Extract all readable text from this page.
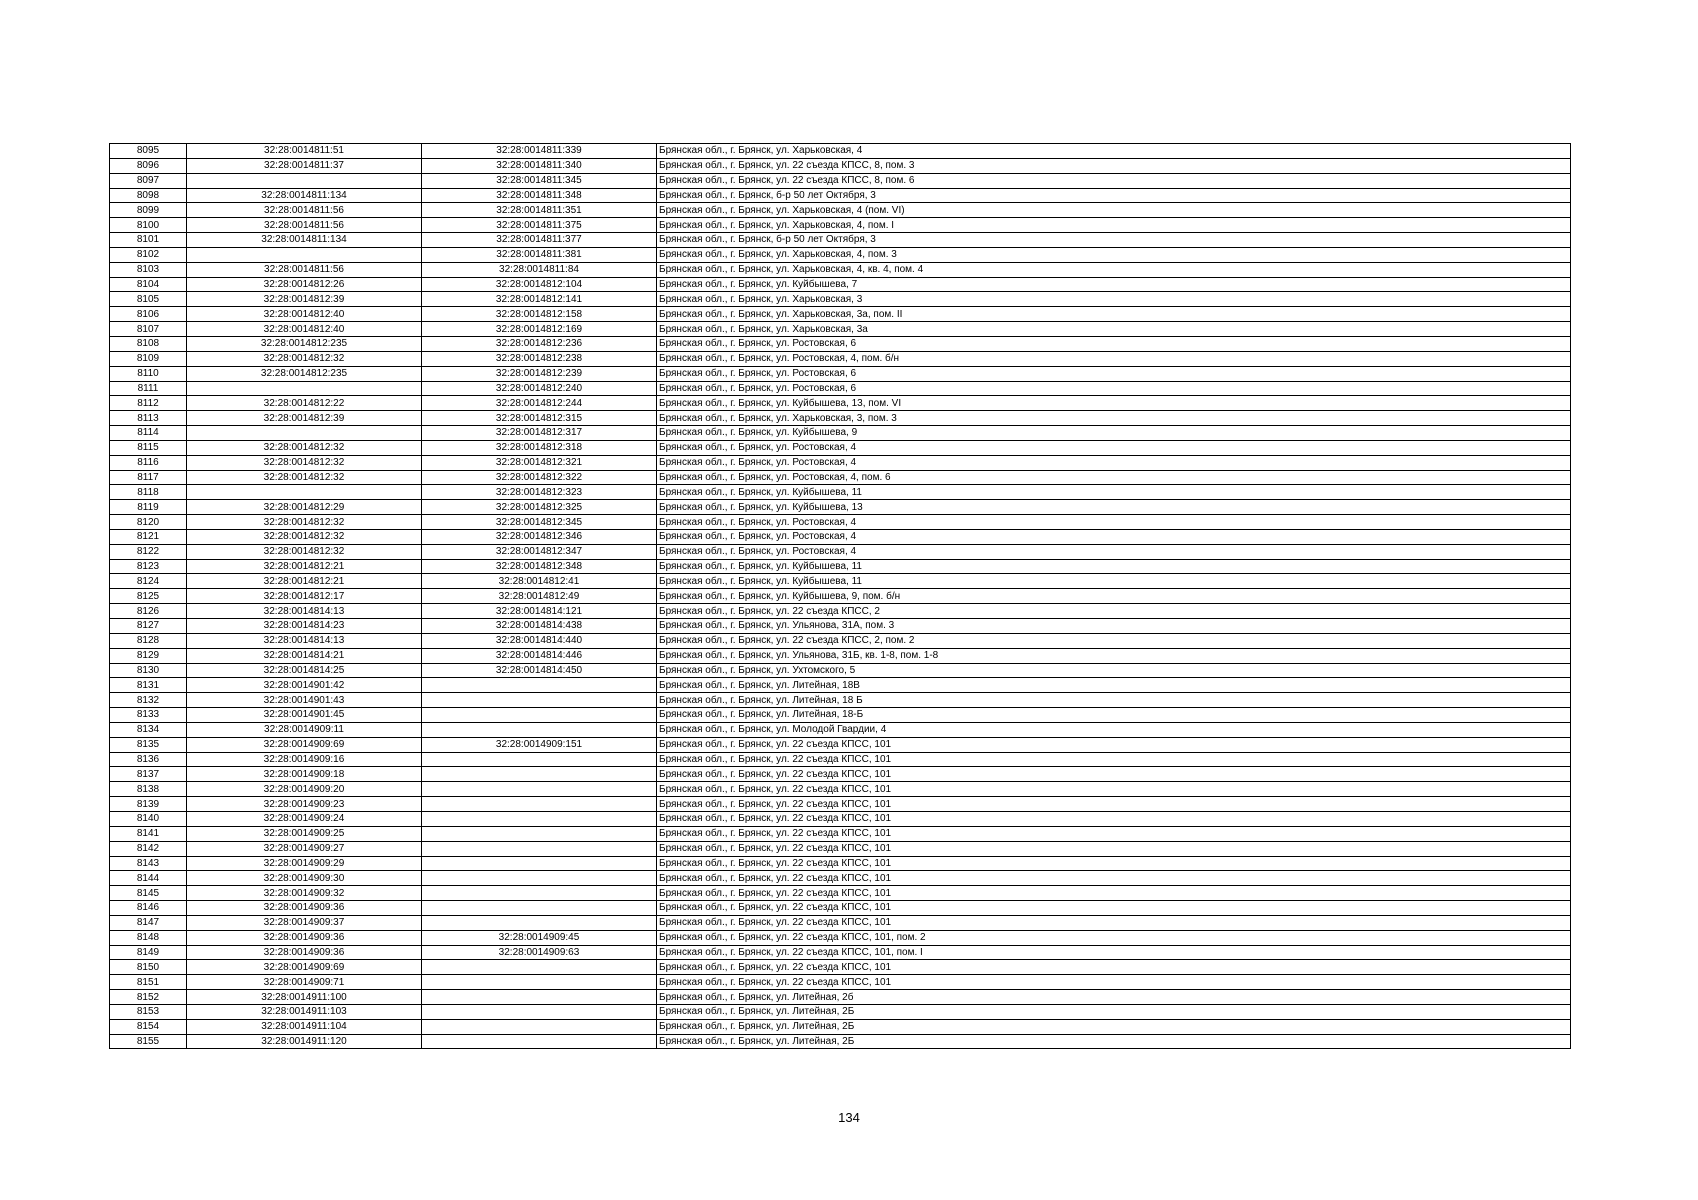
8095	32:28:0014811:51	32:28:0014811:339	Брянская обл., г. Брянск, ул. Харьковская, 4
8096	32:28:0014811:37	32:28:0014811:340	Брянская обл., г. Брянск, ул. 22 съезда КПСС, 8, пом. 3
8097		32:28:0014811:345	Брянская обл., г. Брянск, ул. 22 съезда КПСС, 8, пом. 6
8098	32:28:0014811:134	32:28:0014811:348	Брянская обл., г. Брянск, б-р 50 лет Октября, 3
8099	32:28:0014811:56	32:28:0014811:351	Брянская обл., г. Брянск, ул. Харьковская, 4 (пом. VI)
8100	32:28:0014811:56	32:28:0014811:375	Брянская обл., г. Брянск, ул. Харьковская, 4, пом. I
8101	32:28:0014811:134	32:28:0014811:377	Брянская обл., г. Брянск, б-р 50 лет Октября, 3
8102		32:28:0014811:381	Брянская обл., г. Брянск, ул. Харьковская, 4, пом. 3
8103	32:28:0014811:56	32:28:0014811:84	Брянская обл., г. Брянск, ул. Харьковская, 4, кв. 4, пом. 4
8104	32:28:0014812:26	32:28:0014812:104	Брянская обл., г. Брянск, ул. Куйбышева, 7
8105	32:28:0014812:39	32:28:0014812:141	Брянская обл., г. Брянск, ул. Харьковская, 3
8106	32:28:0014812:40	32:28:0014812:158	Брянская обл., г. Брянск, ул. Харьковская, 3а, пом. II
8107	32:28:0014812:40	32:28:0014812:169	Брянская обл., г. Брянск, ул. Харьковская, 3а
8108	32:28:0014812:235	32:28:0014812:236	Брянская обл., г. Брянск, ул. Ростовская, 6
8109	32:28:0014812:32	32:28:0014812:238	Брянская обл., г. Брянск, ул. Ростовская, 4, пом. б/н
8110	32:28:0014812:235	32:28:0014812:239	Брянская обл., г. Брянск, ул. Ростовская, 6
8111		32:28:0014812:240	Брянская обл., г. Брянск, ул. Ростовская, 6
8112	32:28:0014812:22	32:28:0014812:244	Брянская обл., г. Брянск, ул. Куйбышева, 13, пом. VI
8113	32:28:0014812:39	32:28:0014812:315	Брянская обл., г. Брянск, ул. Харьковская, 3, пом. 3
8114		32:28:0014812:317	Брянская обл., г. Брянск, ул. Куйбышева, 9
8115	32:28:0014812:32	32:28:0014812:318	Брянская обл., г. Брянск, ул. Ростовская, 4
8116	32:28:0014812:32	32:28:0014812:321	Брянская обл., г. Брянск, ул. Ростовская, 4
8117	32:28:0014812:32	32:28:0014812:322	Брянская обл., г. Брянск, ул. Ростовская, 4, пом. 6
8118		32:28:0014812:323	Брянская обл., г. Брянск, ул. Куйбышева, 11
8119	32:28:0014812:29	32:28:0014812:325	Брянская обл., г. Брянск, ул. Куйбышева, 13
8120	32:28:0014812:32	32:28:0014812:345	Брянская обл., г. Брянск, ул. Ростовская, 4
8121	32:28:0014812:32	32:28:0014812:346	Брянская обл., г. Брянск, ул. Ростовская, 4
8122	32:28:0014812:32	32:28:0014812:347	Брянская обл., г. Брянск, ул. Ростовская, 4
8123	32:28:0014812:21	32:28:0014812:348	Брянская обл., г. Брянск, ул. Куйбышева, 11
8124	32:28:0014812:21	32:28:0014812:41	Брянская обл., г. Брянск, ул. Куйбышева, 11
8125	32:28:0014812:17	32:28:0014812:49	Брянская обл., г. Брянск, ул. Куйбышева, 9, пом. б/н
8126	32:28:0014814:13	32:28:0014814:121	Брянская обл., г. Брянск, ул. 22 съезда КПСС, 2
8127	32:28:0014814:23	32:28:0014814:438	Брянская обл., г. Брянск, ул. Ульянова, 31А, пом. 3
8128	32:28:0014814:13	32:28:0014814:440	Брянская обл., г. Брянск, ул. 22 съезда КПСС, 2, пом. 2
8129	32:28:0014814:21	32:28:0014814:446	Брянская обл., г. Брянск, ул. Ульянова, 31Б, кв. 1-8, пом. 1-8
8130	32:28:0014814:25	32:28:0014814:450	Брянская обл., г. Брянск, ул. Ухтомского, 5
8131	32:28:0014901:42		Брянская обл., г. Брянск, ул. Литейная, 18В
8132	32:28:0014901:43		Брянская обл., г. Брянск, ул. Литейная, 18 Б
8133	32:28:0014901:45		Брянская обл., г. Брянск, ул. Литейная, 18-Б
8134	32:28:0014909:11		Брянская обл., г. Брянск, ул. Молодой Гвардии, 4
8135	32:28:0014909:69	32:28:0014909:151	Брянская обл., г. Брянск, ул. 22 съезда КПСС, 101
8136	32:28:0014909:16		Брянская обл., г. Брянск, ул. 22 съезда КПСС, 101
8137	32:28:0014909:18		Брянская обл., г. Брянск, ул. 22 съезда КПСС, 101
8138	32:28:0014909:20		Брянская обл., г. Брянск, ул. 22 съезда КПСС, 101
8139	32:28:0014909:23		Брянская обл., г. Брянск, ул. 22 съезда КПСС, 101
8140	32:28:0014909:24		Брянская обл., г. Брянск, ул. 22 съезда КПСС, 101
8141	32:28:0014909:25		Брянская обл., г. Брянск, ул. 22 съезда КПСС, 101
8142	32:28:0014909:27		Брянская обл., г. Брянск, ул. 22 съезда КПСС, 101
8143	32:28:0014909:29		Брянская обл., г. Брянск, ул. 22 съезда КПСС, 101
8144	32:28:0014909:30		Брянская обл., г. Брянск, ул. 22 съезда КПСС, 101
8145	32:28:0014909:32		Брянская обл., г. Брянск, ул. 22 съезда КПСС, 101
8146	32:28:0014909:36		Брянская обл., г. Брянск, ул. 22 съезда КПСС, 101
8147	32:28:0014909:37		Брянская обл., г. Брянск, ул. 22 съезда КПСС, 101
8148	32:28:0014909:36	32:28:0014909:45	Брянская обл., г. Брянск, ул. 22 съезда КПСС, 101, пом. 2
8149	32:28:0014909:36	32:28:0014909:63	Брянская обл., г. Брянск, ул. 22 съезда КПСС, 101, пом. I
8150	32:28:0014909:69		Брянская обл., г. Брянск, ул. 22 съезда КПСС, 101
8151	32:28:0014909:71		Брянская обл., г. Брянск, ул. 22 съезда КПСС, 101
8152	32:28:0014911:100		Брянская обл., г. Брянск, ул. Литейная, 2б
8153	32:28:0014911:103		Брянская обл., г. Брянск, ул. Литейная, 2Б
8154	32:28:0014911:104		Брянская обл., г. Брянск, ул. Литейная, 2Б
8155	32:28:0014911:120		Брянская обл., г. Брянск, ул. Литейная, 2Б
134
